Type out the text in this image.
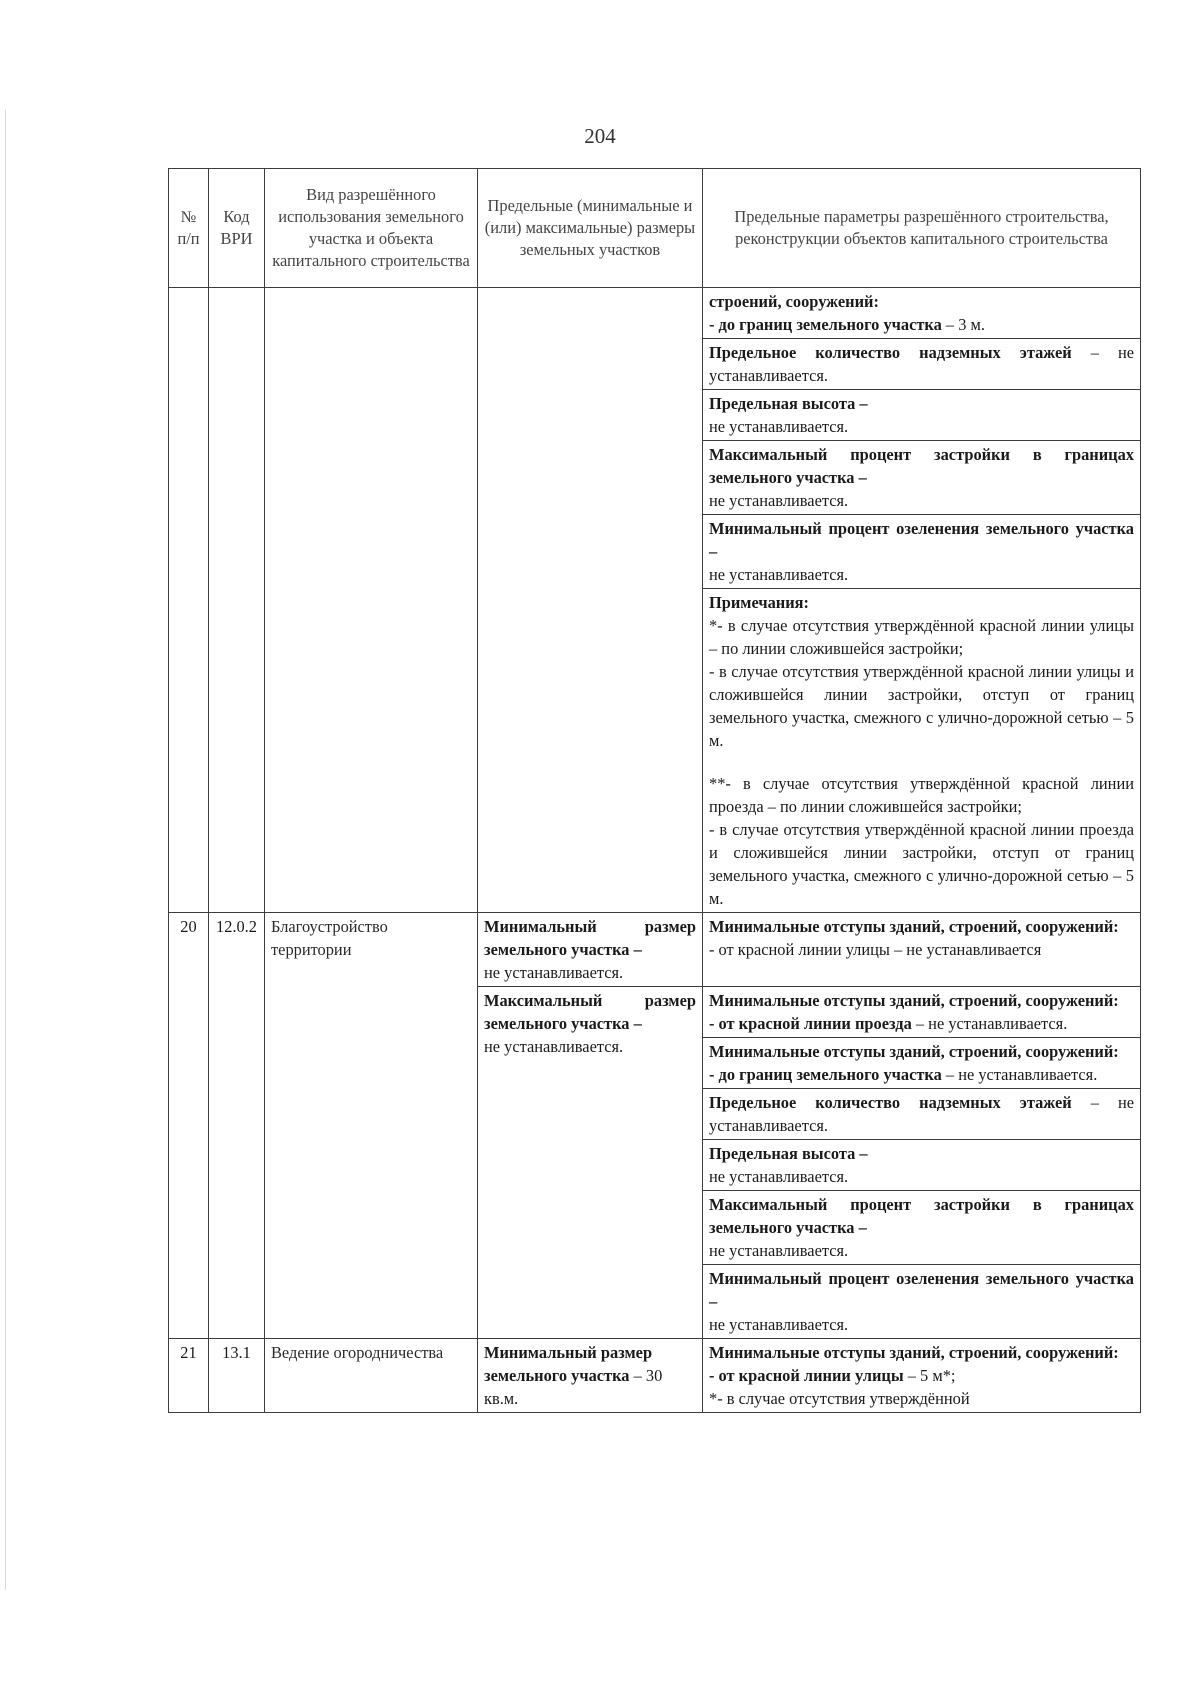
204
№ п/п	Код ВРИ	Вид разрешённого использования земельного участка и объекта капитального строительства	Предельные (минимальные и (или) максимальные) размеры земельных участков	Предельные параметры разрешённого строительства, реконструкции объектов капитального строительства

				строений, сооружений:
- до границ земельного участка – 3 м.
				Предельное количество надземных этажей – не устанавливается.

				Предельная высота –
не устанавливается.

				Максимальный процент застройки в границах земельного участка –
не устанавливается.

				Минимальный процент озеленения земельного участка –
не устанавливается.

				Примечания:
*- в случае отсутствия утверждённой красной линии улицы – по линии сложившейся застройки;
- в случае отсутствия утверждённой красной линии улицы и сложившейся линии застройки, отступ от границ земельного участка, смежного с улично-дорожной сетью – 5 м.
**- в случае отсутствия утверждённой красной линии проезда – по линии сложившейся застройки;
- в случае отсутствия утверждённой красной линии проезда и сложившейся линии застройки, отступ от границ земельного участка, смежного с улично-дорожной сетью – 5 м.

20	12.0.2	Благоустройство территории	Минимальный размер земельного участка –
не устанавливается.	Минимальные отступы зданий, строений, сооружений:
- от красной линии улицы – не устанавливается

			Максимальный размер земельного участка –
не устанавливается.	Минимальные отступы зданий, строений, сооружений:
- от красной линии проезда – не устанавливается.

				Минимальные отступы зданий, строений, сооружений:
- до границ земельного участка – не устанавливается.
				Предельное количество надземных этажей – не устанавливается.

				Предельная высота –
не устанавливается.

				Максимальный процент застройки в границах земельного участка –
не устанавливается.

				Минимальный процент озеленения земельного участка –
не устанавливается.

21	13.1	Ведение огородничества	Минимальный размер земельного участка – 30 кв.м.	Минимальные отступы зданий, строений, сооружений:
- от красной линии улицы – 5 м*;
*- в случае отсутствия утверждённой
